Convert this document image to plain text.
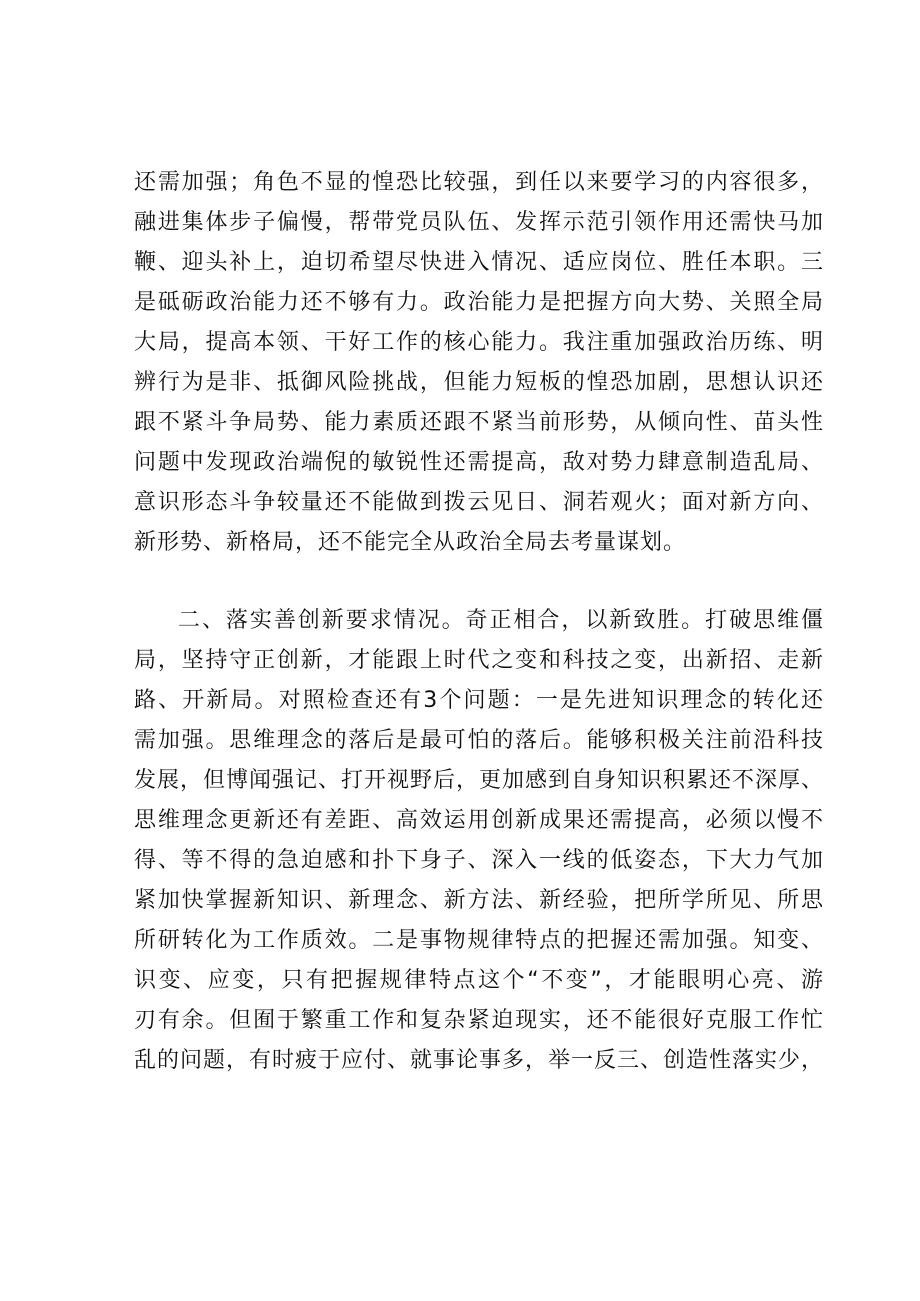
还需加强；角色不显的惶恐比较强，到任以来要学习的内容很多，
融进集体步子偏慢，帮带党员队伍、发挥示范引领作用还需快马加
鞭、迎头补上，迫切希望尽快进入情况、适应岗位、胜任本职。三
是砥砺政治能力还不够有力。政治能力是把握方向大势、关照全局
大局，提高本领、干好工作的核心能力。我注重加强政治历练、明
辨行为是非、抵御风险挑战，但能力短板的惶恐加剧，思想认识还
跟不紧斗争局势、能力素质还跟不紧当前形势，从倾向性、苗头性
问题中发现政治端倪的敏锐性还需提高，敌对势力肆意制造乱局、
意识形态斗争较量还不能做到拨云见日、洞若观火；面对新方向、
新形势、新格局，还不能完全从政治全局去考量谋划。
二、落实善创新要求情况。奇正相合，以新致胜。打破思维僵
局，坚持守正创新，才能跟上时代之变和科技之变，出新招、走新
路、开新局。对照检查还有3个问题：一是先进知识理念的转化还
需加强。思维理念的落后是最可怕的落后。能够积极关注前沿科技
发展，但博闻强记、打开视野后，更加感到自身知识积累还不深厚、
思维理念更新还有差距、高效运用创新成果还需提高，必须以慢不
得、等不得的急迫感和扑下身子、深入一线的低姿态，下大力气加
紧加快掌握新知识、新理念、新方法、新经验，把所学所见、所思
所研转化为工作质效。二是事物规律特点的把握还需加强。知变、
识变、应变，只有把握规律特点这个“不变”，才能眼明心亮、游
刃有余。但囿于繁重工作和复杂紧迫现实，还不能很好克服工作忙
乱的问题，有时疲于应付、就事论事多，举一反三、创造性落实少，
